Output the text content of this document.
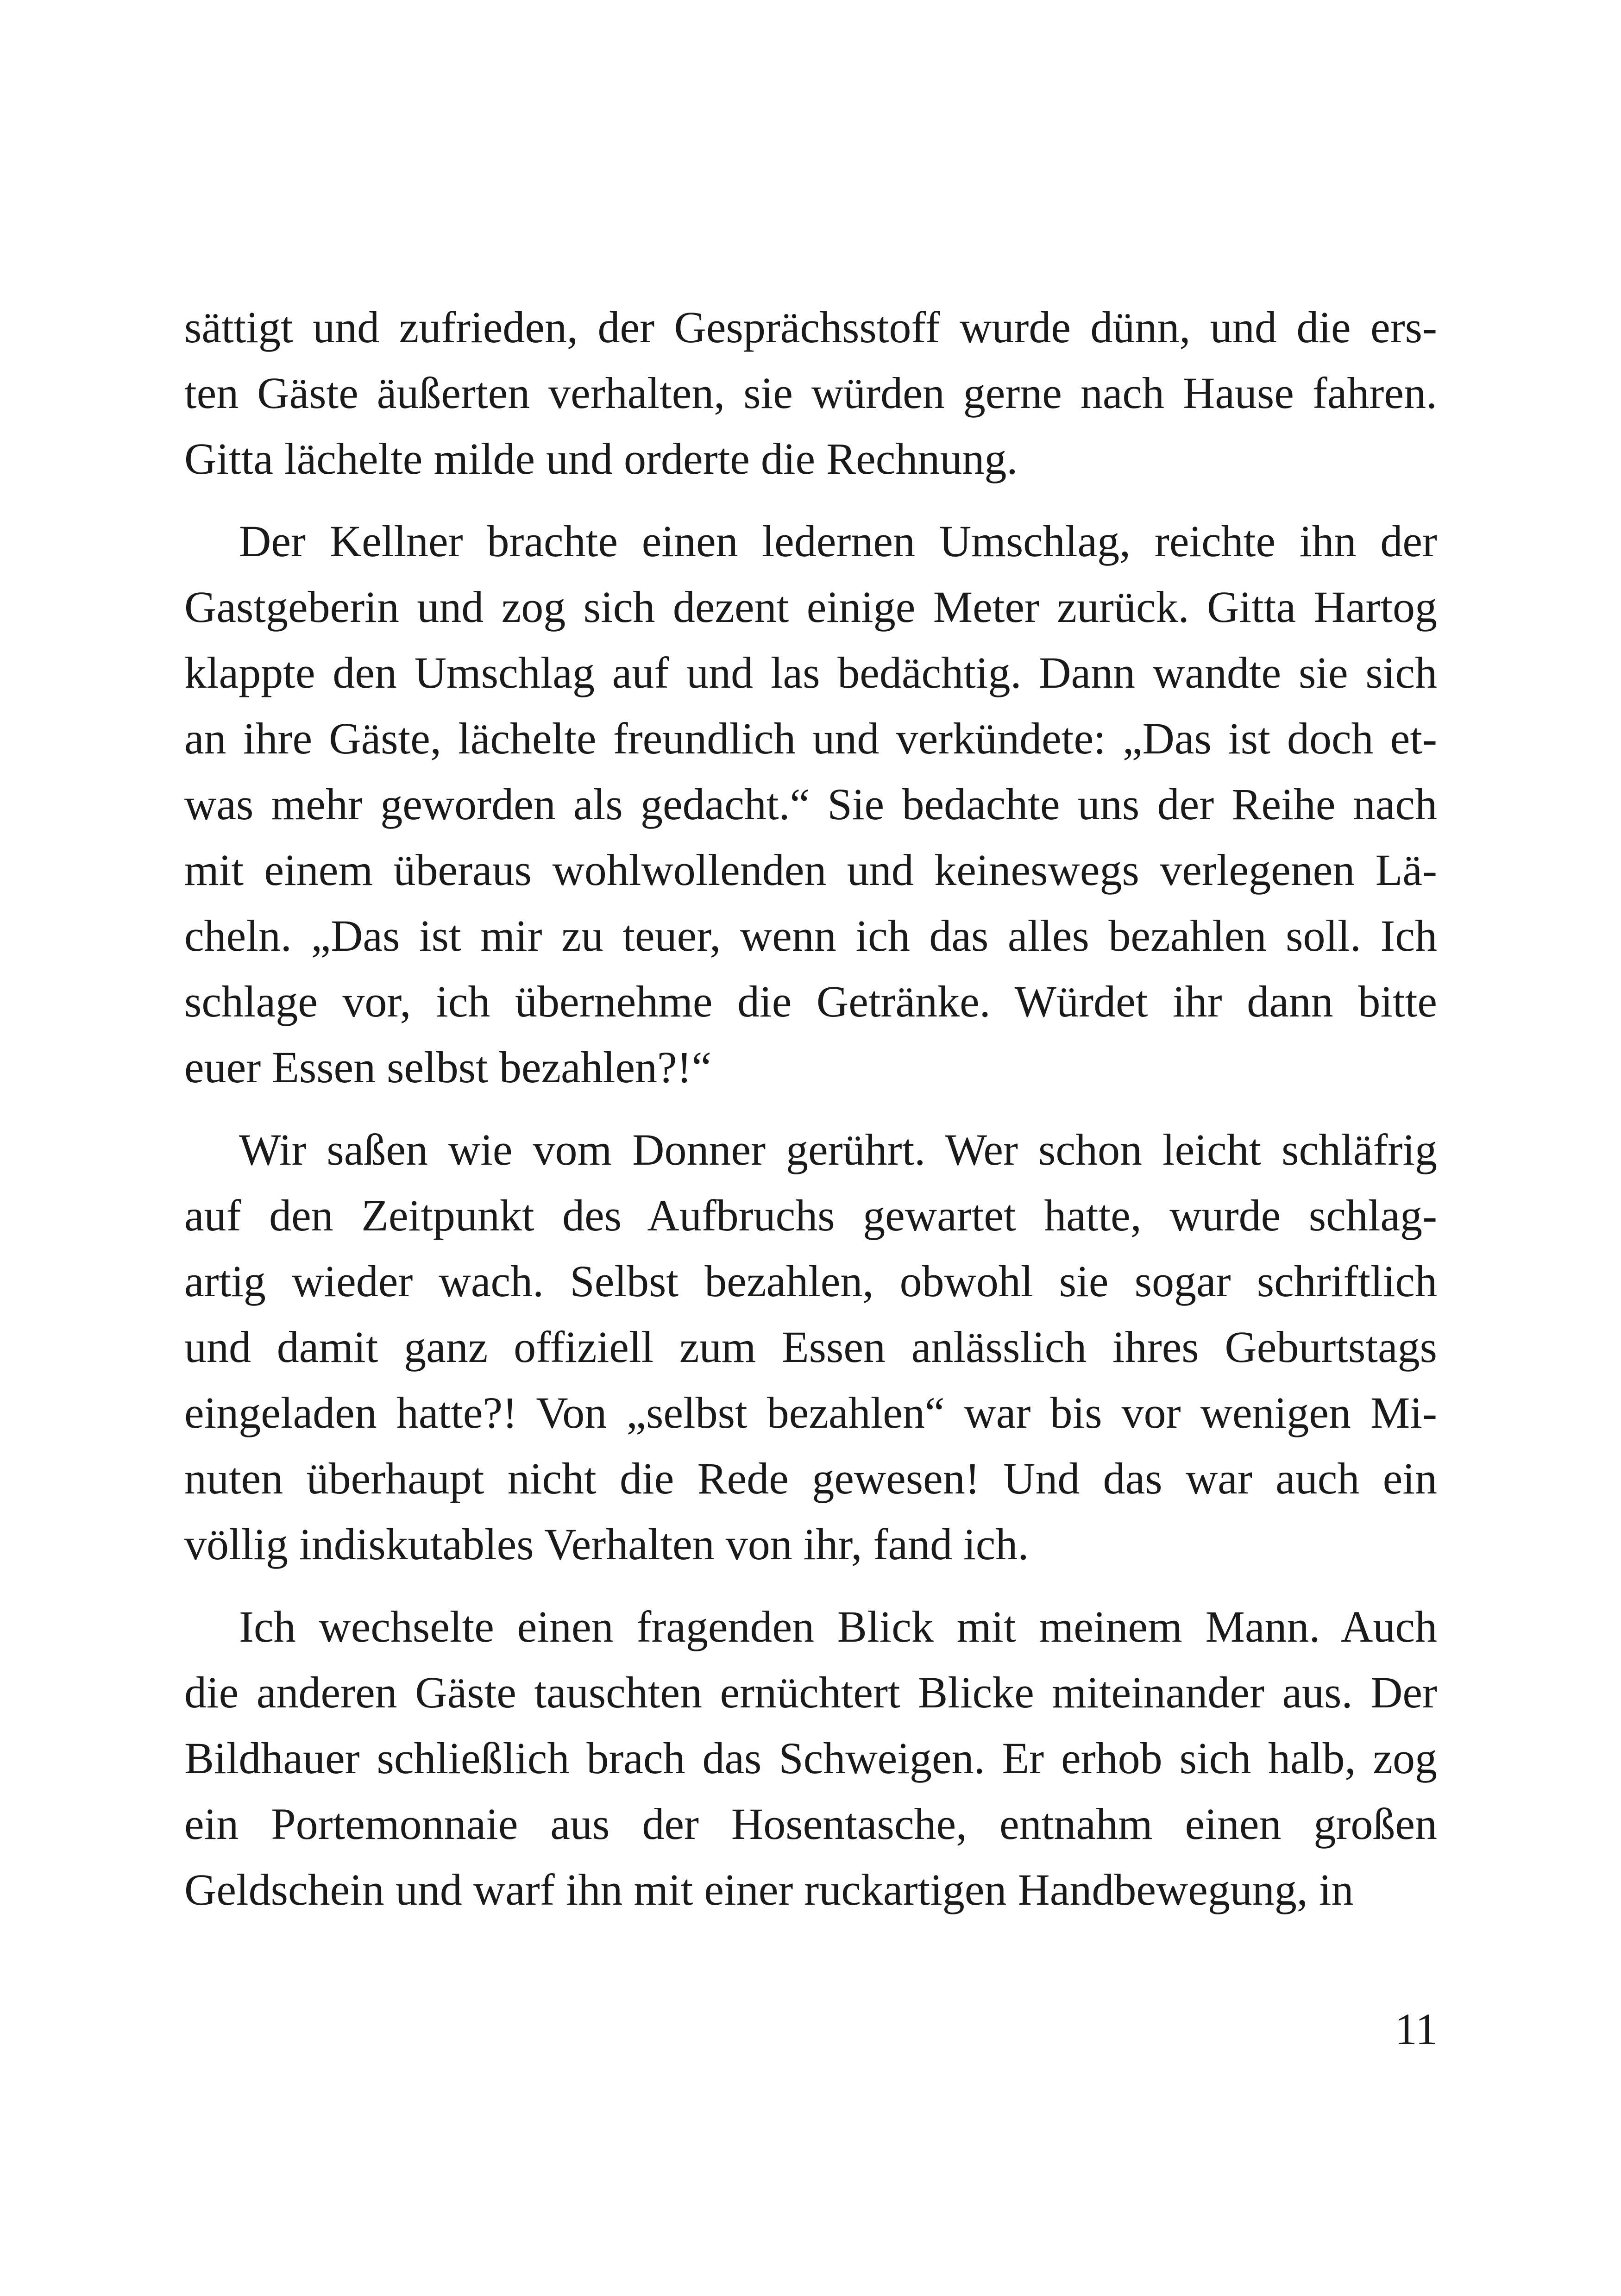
sättigt und zufrieden, der Gesprächsstoff wurde dünn, und die ers-
ten Gäste äußerten verhalten, sie würden gerne nach Hause fahren.
Gitta lächelte milde und orderte die Rechnung.

Der Kellner brachte einen ledernen Umschlag, reichte ihn der
Gastgeberin und zog sich dezent einige Meter zurück. Gitta Hartog
klappte den Umschlag auf und las bedächtig. Dann wandte sie sich
an ihre Gäste, lächelte freundlich und verkündete: „Das ist doch et-
was mehr geworden als gedacht.“ Sie bedachte uns der Reihe nach
mit einem überaus wohlwollenden und keineswegs verlegenen Lä-
cheln. „Das ist mir zu teuer, wenn ich das alles bezahlen soll. Ich
schlage vor, ich übernehme die Getränke. Würdet ihr dann bitte
euer Essen selbst bezahlen?!“

Wir saßen wie vom Donner gerührt. Wer schon leicht schläfrig
auf den Zeitpunkt des Aufbruchs gewartet hatte, wurde schlag-
artig wieder wach. Selbst bezahlen, obwohl sie sogar schriftlich
und damit ganz offiziell zum Essen anlässlich ihres Geburtstags
eingeladen hatte?! Von „selbst bezahlen“ war bis vor wenigen Mi-
nuten überhaupt nicht die Rede gewesen! Und das war auch ein
völlig indiskutables Verhalten von ihr, fand ich.

Ich wechselte einen fragenden Blick mit meinem Mann. Auch
die anderen Gäste tauschten ernüchtert Blicke miteinander aus. Der
Bildhauer schließlich brach das Schweigen. Er erhob sich halb, zog
ein Portemonnaie aus der Hosentasche, entnahm einen großen
Geldschein und warf ihn mit einer ruckartigen Handbewegung, in

11
